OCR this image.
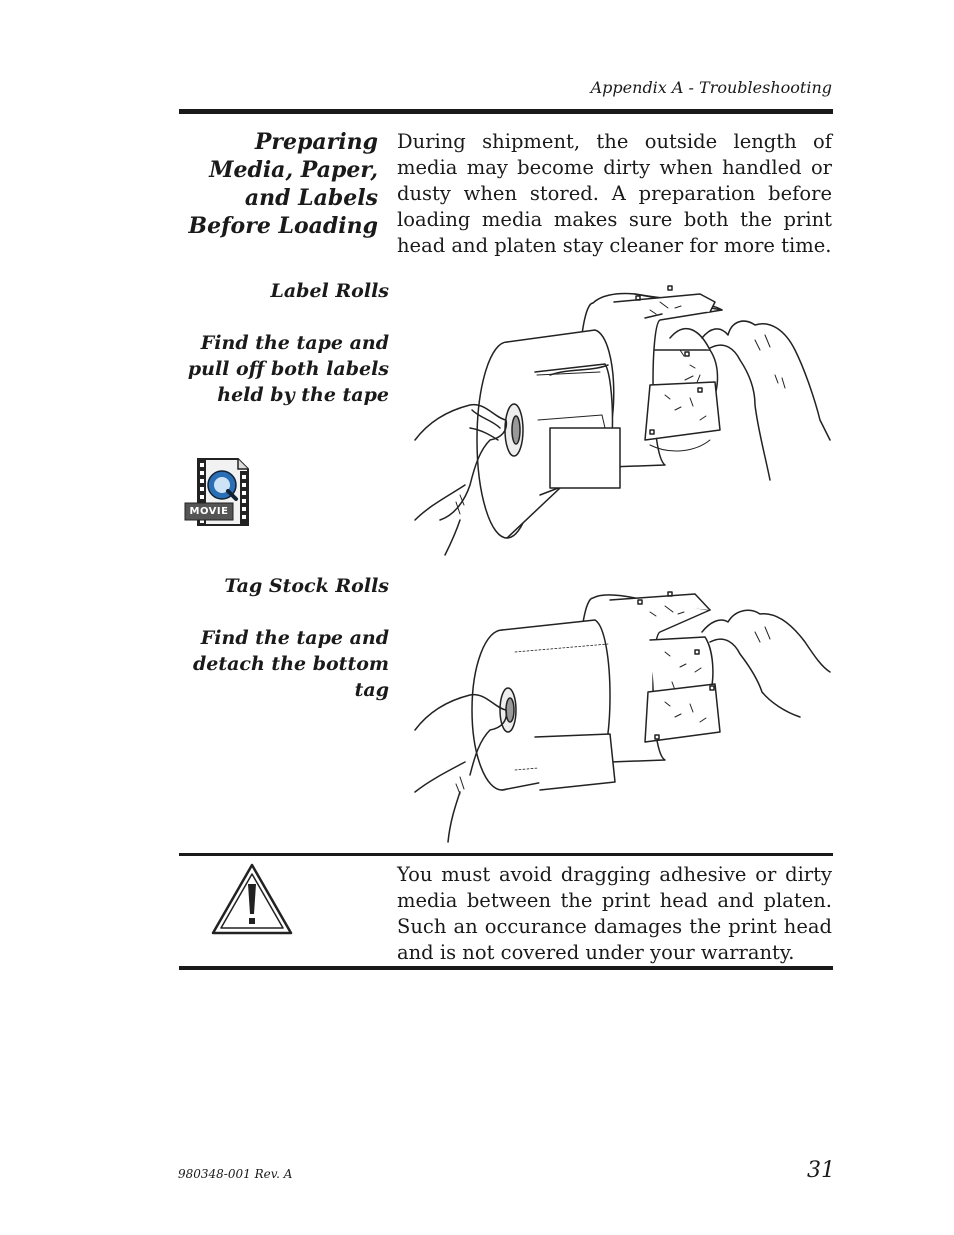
Appendix A - Troubleshooting
Preparing Media, Paper, and Labels Before Loading
During shipment, the outside length of media may become dirty when handled or dusty when stored. A preparation before loading media makes sure both the print head and platen stay cleaner for more time.
Label Rolls
Find the tape and pull off both labels held by the tape
MOVIE
Tag Stock Rolls
Find the tape and detach the bottom tag
You must avoid dragging adhesive or dirty media between the print head and platen. Such an occurance damages the print head and is not covered under your warranty.
980348-001 Rev. A	31
